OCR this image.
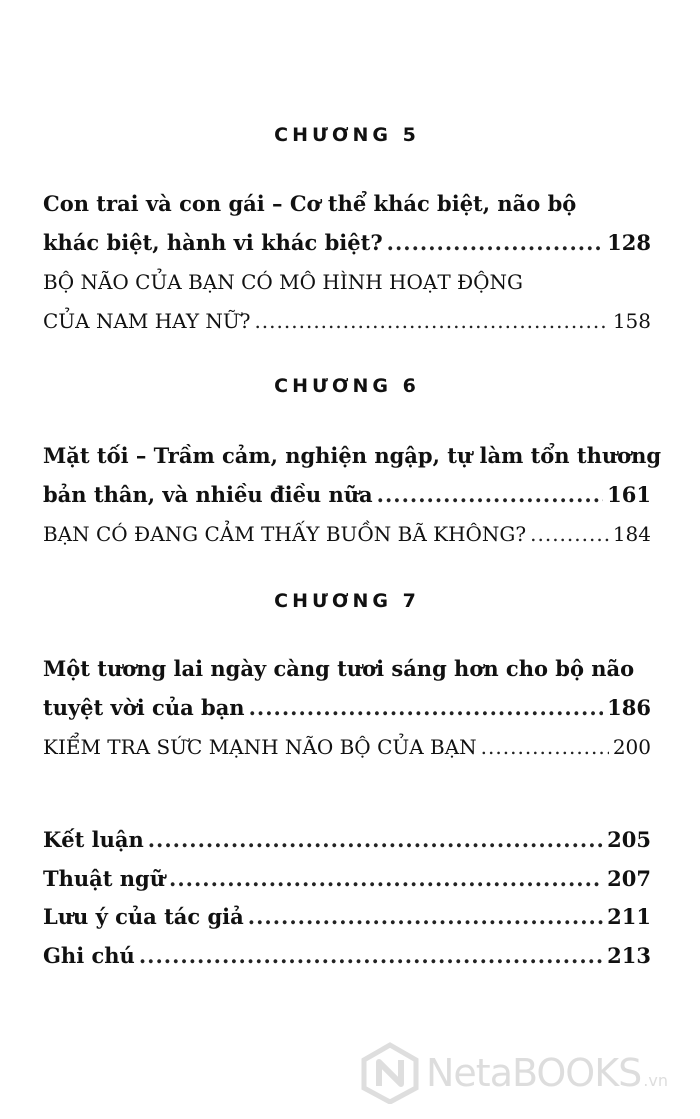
CHƯƠNG 5
Con trai và con gái – Cơ thể khác biệt, não bộ
khác biệt, hành vi khác biệt? .....	128
BỘ NÃO CỦA BẠN CÓ MÔ HÌNH HOẠT ĐỘNG
CỦA NAM HAY NỮ? .....	158
CHƯƠNG 6
Mặt tối – Trầm cảm, nghiện ngập, tự làm tổn thương
bản thân, và nhiều điều nữa .....	161
BẠN CÓ ĐANG CẢM THẤY BUỒN BÃ KHÔNG? .....	184
CHƯƠNG 7
Một tương lai ngày càng tươi sáng hơn cho bộ não
tuyệt vời của bạn .....	186
KIỂM TRA SỨC MẠNH NÃO BỘ CỦA BẠN .....	200
Kết luận .....	205
Thuật ngữ .....	207
Lưu ý của tác giả .....	211
Ghi chú .....	213
NetaBOOKS .vn
